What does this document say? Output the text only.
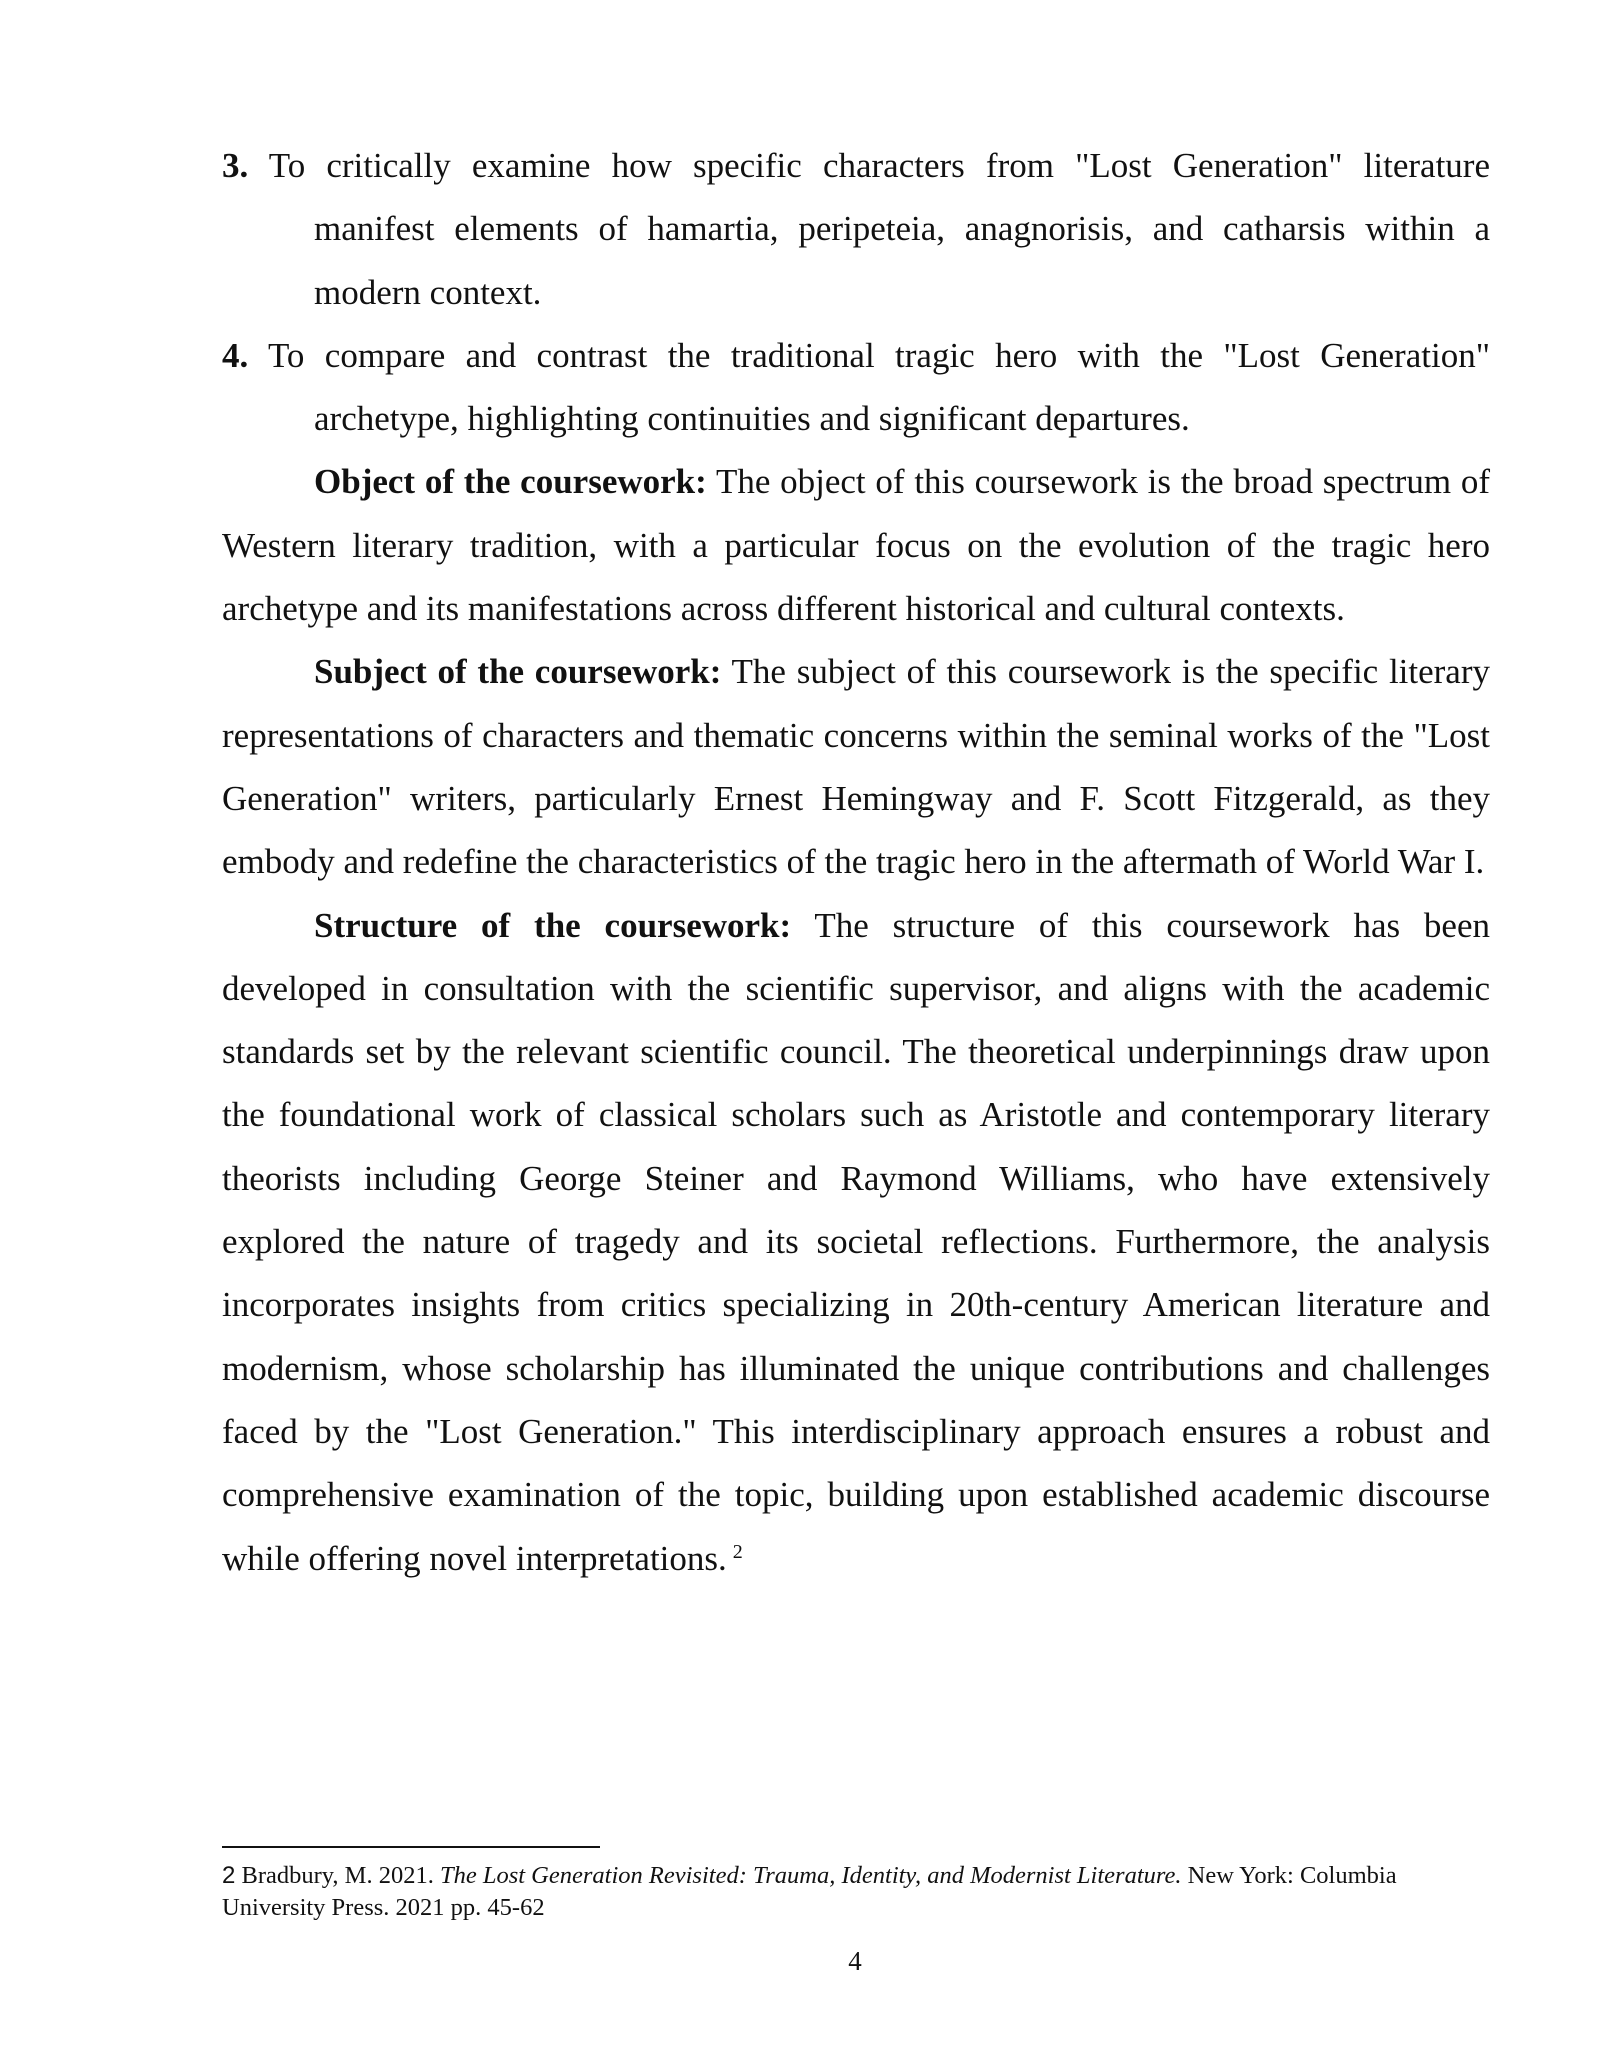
3. To critically examine how specific characters from "Lost Generation" literature manifest elements of hamartia, peripeteia, anagnorisis, and catharsis within a modern context.

4. To compare and contrast the traditional tragic hero with the "Lost Generation" archetype, highlighting continuities and significant departures.

Object of the coursework: The object of this coursework is the broad spectrum of Western literary tradition, with a particular focus on the evolution of the tragic hero archetype and its manifestations across different historical and cultural contexts.

Subject of the coursework: The subject of this coursework is the specific literary representations of characters and thematic concerns within the seminal works of the "Lost Generation" writers, particularly Ernest Hemingway and F. Scott Fitzgerald, as they embody and redefine the characteristics of the tragic hero in the aftermath of World War I.

Structure of the coursework: The structure of this coursework has been developed in consultation with the scientific supervisor, and aligns with the academic standards set by the relevant scientific council. The theoretical underpinnings draw upon the foundational work of classical scholars such as Aristotle and contemporary literary theorists including George Steiner and Raymond Williams, who have extensively explored the nature of tragedy and its societal reflections. Furthermore, the analysis incorporates insights from critics specializing in 20th-century American literature and modernism, whose scholarship has illuminated the unique contributions and challenges faced by the "Lost Generation." This interdisciplinary approach ensures a robust and comprehensive examination of the topic, building upon established academic discourse while offering novel interpretations. $^2$

2 Bradbury, M. 2021. The Lost Generation Revisited: Trauma, Identity, and Modernist Literature. New York: Columbia University Press. 2021 pp. 45-62

4
